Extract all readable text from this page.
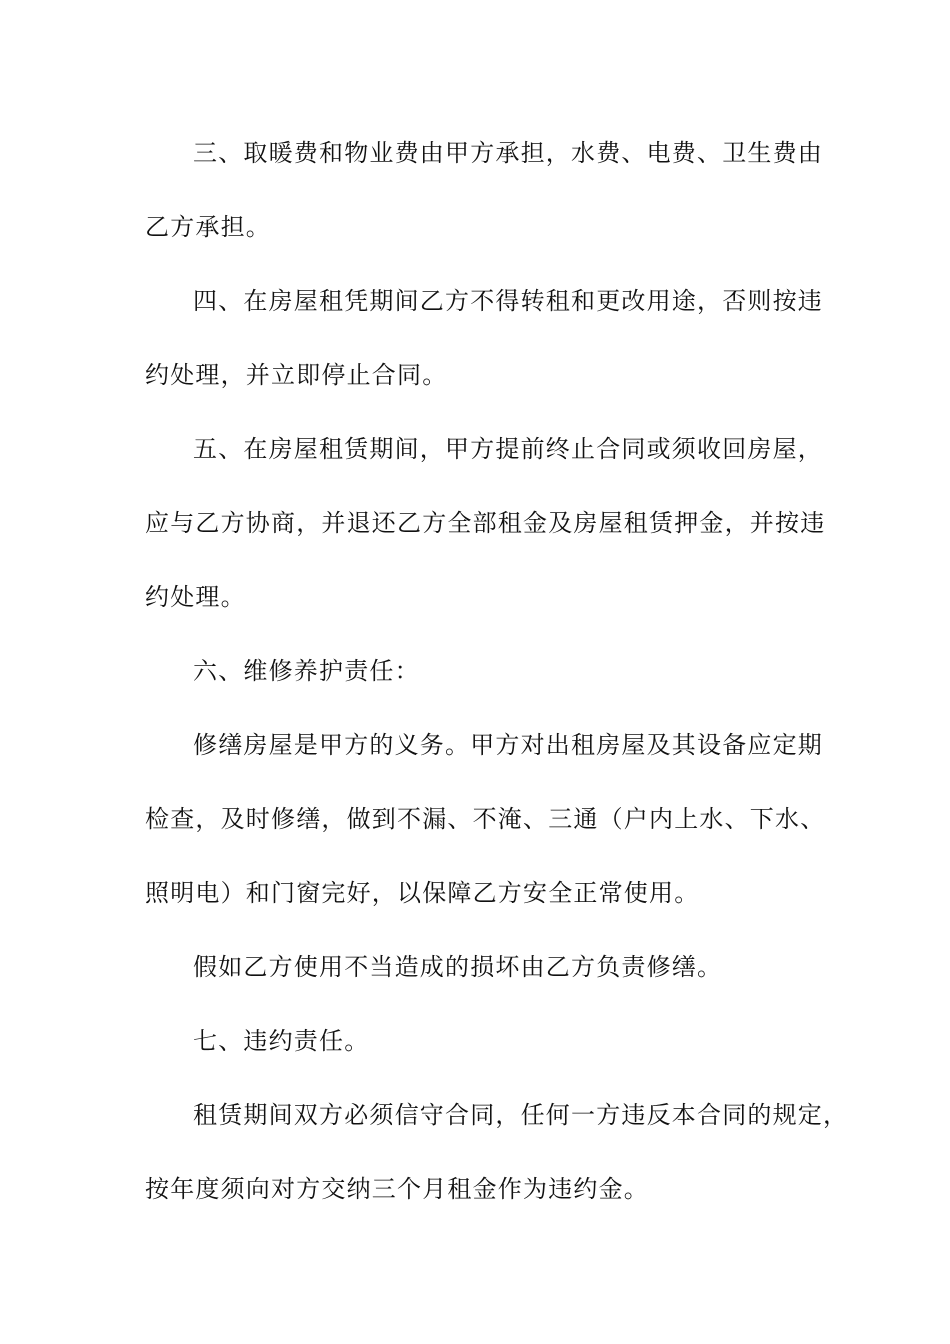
三、取暖费和物业费由甲方承担，水费、电费、卫生费由
乙方承担。
四、在房屋租凭期间乙方不得转租和更改用途，否则按违
约处理，并立即停止合同。
五、在房屋租赁期间，甲方提前终止合同或须收回房屋，
应与乙方协商，并退还乙方全部租金及房屋租赁押金，并按违
约处理。
六、维修养护责任：
修缮房屋是甲方的义务。甲方对出租房屋及其设备应定期
检查，及时修缮，做到不漏、不淹、三通（户内上水、下水、
照明电）和门窗完好，以保障乙方安全正常使用。
假如乙方使用不当造成的损坏由乙方负责修缮。
七、违约责任。
租赁期间双方必须信守合同，任何一方违反本合同的规定，
按年度须向对方交纳三个月租金作为违约金。
